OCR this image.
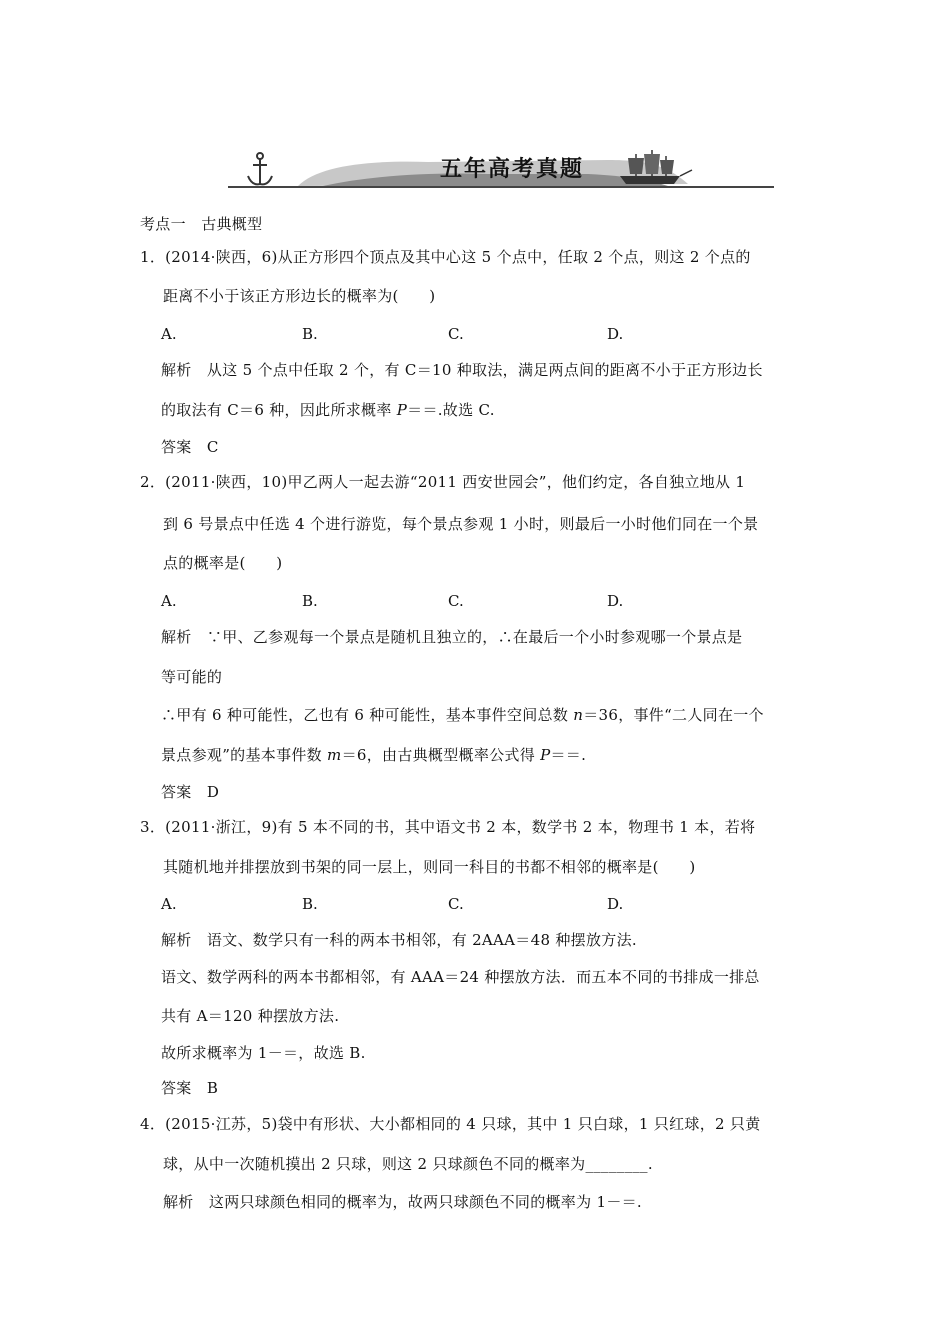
五年高考真题
考点一　古典概型
1．(2014·陕西，6)从正方形四个顶点及其中心这 5 个点中，任取 2 个点，则这 2 个点的
距离不小于该正方形边长的概率为(　　)
A.	B.	C.	D.
解析　从这 5 个点中任取 2 个，有 C＝10 种取法，满足两点间的距离不小于正方形边长
的取法有 C＝6 种，因此所求概率 P＝＝.故选 C.
答案　C
2．(2011·陕西，10)甲乙两人一起去游“2011 西安世园会”，他们约定，各自独立地从 1
到 6 号景点中任选 4 个进行游览，每个景点参观 1 小时，则最后一小时他们同在一个景
点的概率是(　　)
A.	B.	C.	D.
解析　∵甲、乙参观每一个景点是随机且独立的，∴在最后一个小时参观哪一个景点是
等可能的
∴甲有 6 种可能性，乙也有 6 种可能性，基本事件空间总数 n＝36，事件“二人同在一个
景点参观”的基本事件数 m＝6，由古典概型概率公式得 P＝＝.
答案　D
3．(2011·浙江，9)有 5 本不同的书，其中语文书 2 本，数学书 2 本，物理书 1 本，若将
其随机地并排摆放到书架的同一层上，则同一科目的书都不相邻的概率是(　　)
A.	B.	C.	D.
解析　语文、数学只有一科的两本书相邻，有 2AAA＝48 种摆放方法.
语文、数学两科的两本书都相邻，有 AAA＝24 种摆放方法．而五本不同的书排成一排总
共有 A＝120 种摆放方法.
故所求概率为 1－＝，故选 B.
答案　B
4．(2015·江苏，5)袋中有形状、大小都相同的 4 只球，其中 1 只白球，1 只红球，2 只黄
球，从中一次随机摸出 2 只球，则这 2 只球颜色不同的概率为________.
解析　这两只球颜色相同的概率为，故两只球颜色不同的概率为 1－＝.
